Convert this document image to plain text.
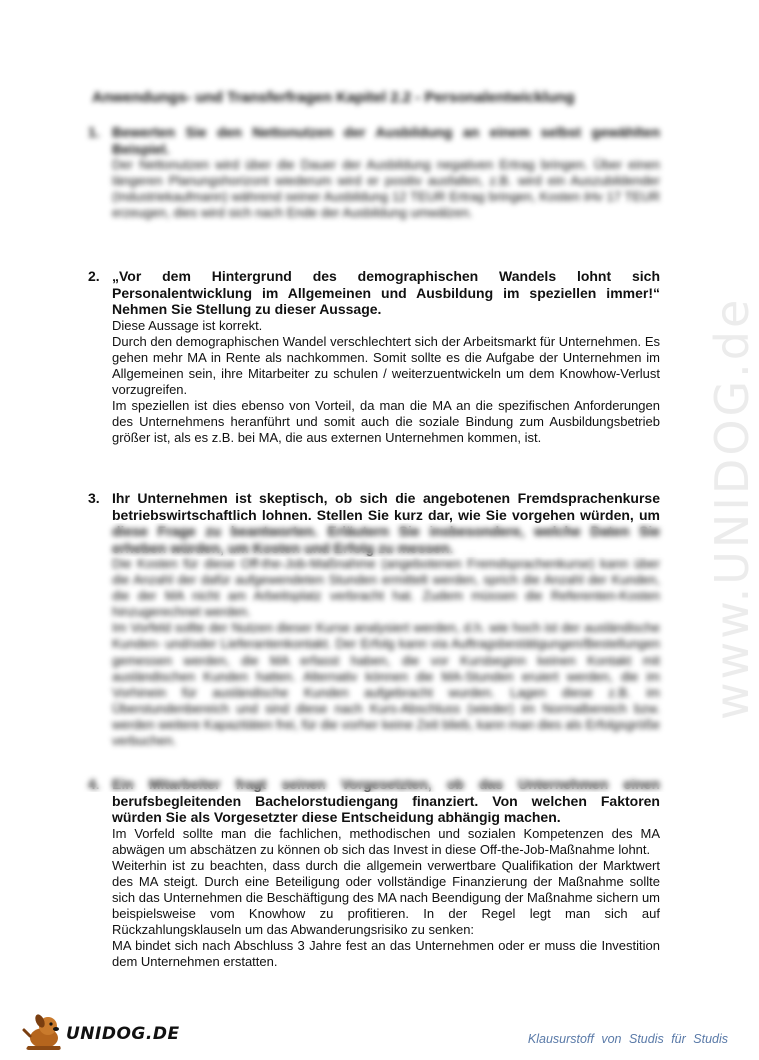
www.UNIDOG.de
Anwendungs- und Transferfragen Kapitel 2.2 - Personalentwicklung
1. Bewerten Sie den Nettonutzen der Ausbildung an einem selbst gewählten Beispiel.

Der Nettonutzen wird über die Dauer der Ausbildung negativen Ertrag bringen. Über einen längeren Planungshorizont wiederum wird er positiv ausfallen, z.B. wird ein Auszubildender (Industriekaufmann) während seiner Ausbildung 12 TEUR Ertrag bringen, Kosten iHv 17 TEUR erzeugen, dies wird sich nach Ende der Ausbildung umwälzen.

2. „Vor dem Hintergrund des demographischen Wandels lohnt sich Personalentwicklung im Allgemeinen und Ausbildung im speziellen immer!“ Nehmen Sie Stellung zu dieser Aussage.

Diese Aussage ist korrekt.

Durch den demographischen Wandel verschlechtert sich der Arbeitsmarkt für Unternehmen. Es gehen mehr MA in Rente als nachkommen. Somit sollte es die Aufgabe der Unternehmen im Allgemeinen sein, ihre Mitarbeiter zu schulen / weiterzuentwickeln um dem Knowhow-Verlust vorzugreifen.

Im speziellen ist dies ebenso von Vorteil, da man die MA an die spezifischen Anforderungen des Unternehmens heranführt und somit auch die soziale Bindung zum Ausbildungsbetrieb größer ist, als es z.B. bei MA, die aus externen Unternehmen kommen, ist.

3. Ihr Unternehmen ist skeptisch, ob sich die angebotenen Fremdsprachenkurse betriebswirtschaftlich lohnen. Stellen Sie kurz dar, wie Sie vorgehen würden, um diese Frage zu beantworten. Erläutern Sie insbesondere, welche Daten Sie erheben würden, um Kosten und Erfolg zu messen.

Die Kosten für diese Off-the-Job-Maßnahme (angebotenen Fremdsprachenkurse) kann über die Anzahl der dafür aufgewendeten Stunden ermittelt werden, sprich die Anzahl der Kunden, die der MA nicht am Arbeitsplatz verbracht hat. Zudem müssen die Referenten-Kosten hinzugerechnet werden.

Im Vorfeld sollte der Nutzen dieser Kurse analysiert werden, d.h. wie hoch ist der ausländische Kunden- und/oder Lieferantenkontakt. Der Erfolg kann via Auftragsbestätigungen/Bestellungen gemessen werden, die MA erfasst haben, die vor Kursbeginn keinen Kontakt mit ausländischen Kunden hatten. Alternativ können die MA-Stunden eruiert werden, die im Vorhinein für ausländische Kunden aufgebracht wurden. Lagen diese z.B. im Überstundenbereich und sind diese nach Kurs-Abschluss (wieder) im Normalbereich bzw. werden weitere Kapazitäten frei, für die vorher keine Zeit blieb, kann man dies als Erfolgsgröße verbuchen.

4. Ein Mitarbeiter fragt seinen Vorgesetzten, ob das Unternehmen einen berufsbegleitenden Bachelorstudiengang finanziert. Von welchen Faktoren würden Sie als Vorgesetzter diese Entscheidung abhängig machen.

Im Vorfeld sollte man die fachlichen, methodischen und sozialen Kompetenzen des MA abwägen um abschätzen zu können ob sich das Invest in diese Off-the-Job-Maßnahme lohnt.

Weiterhin ist zu beachten, dass durch die allgemein verwertbare Qualifikation der Marktwert des MA steigt. Durch eine Beteiligung oder vollständige Finanzierung der Maßnahme sollte sich das Unternehmen die Beschäftigung des MA nach Beendigung der Maßnahme sichern um beispielsweise vom Knowhow zu profitieren. In der Regel legt man sich auf Rückzahlungsklauseln um das Abwanderungsrisiko zu senken:

MA bindet sich nach Abschluss 3 Jahre fest an das Unternehmen oder er muss die Investition dem Unternehmen erstatten.

UNIDOG.DE	Klausurstoff von Studis für Studis
